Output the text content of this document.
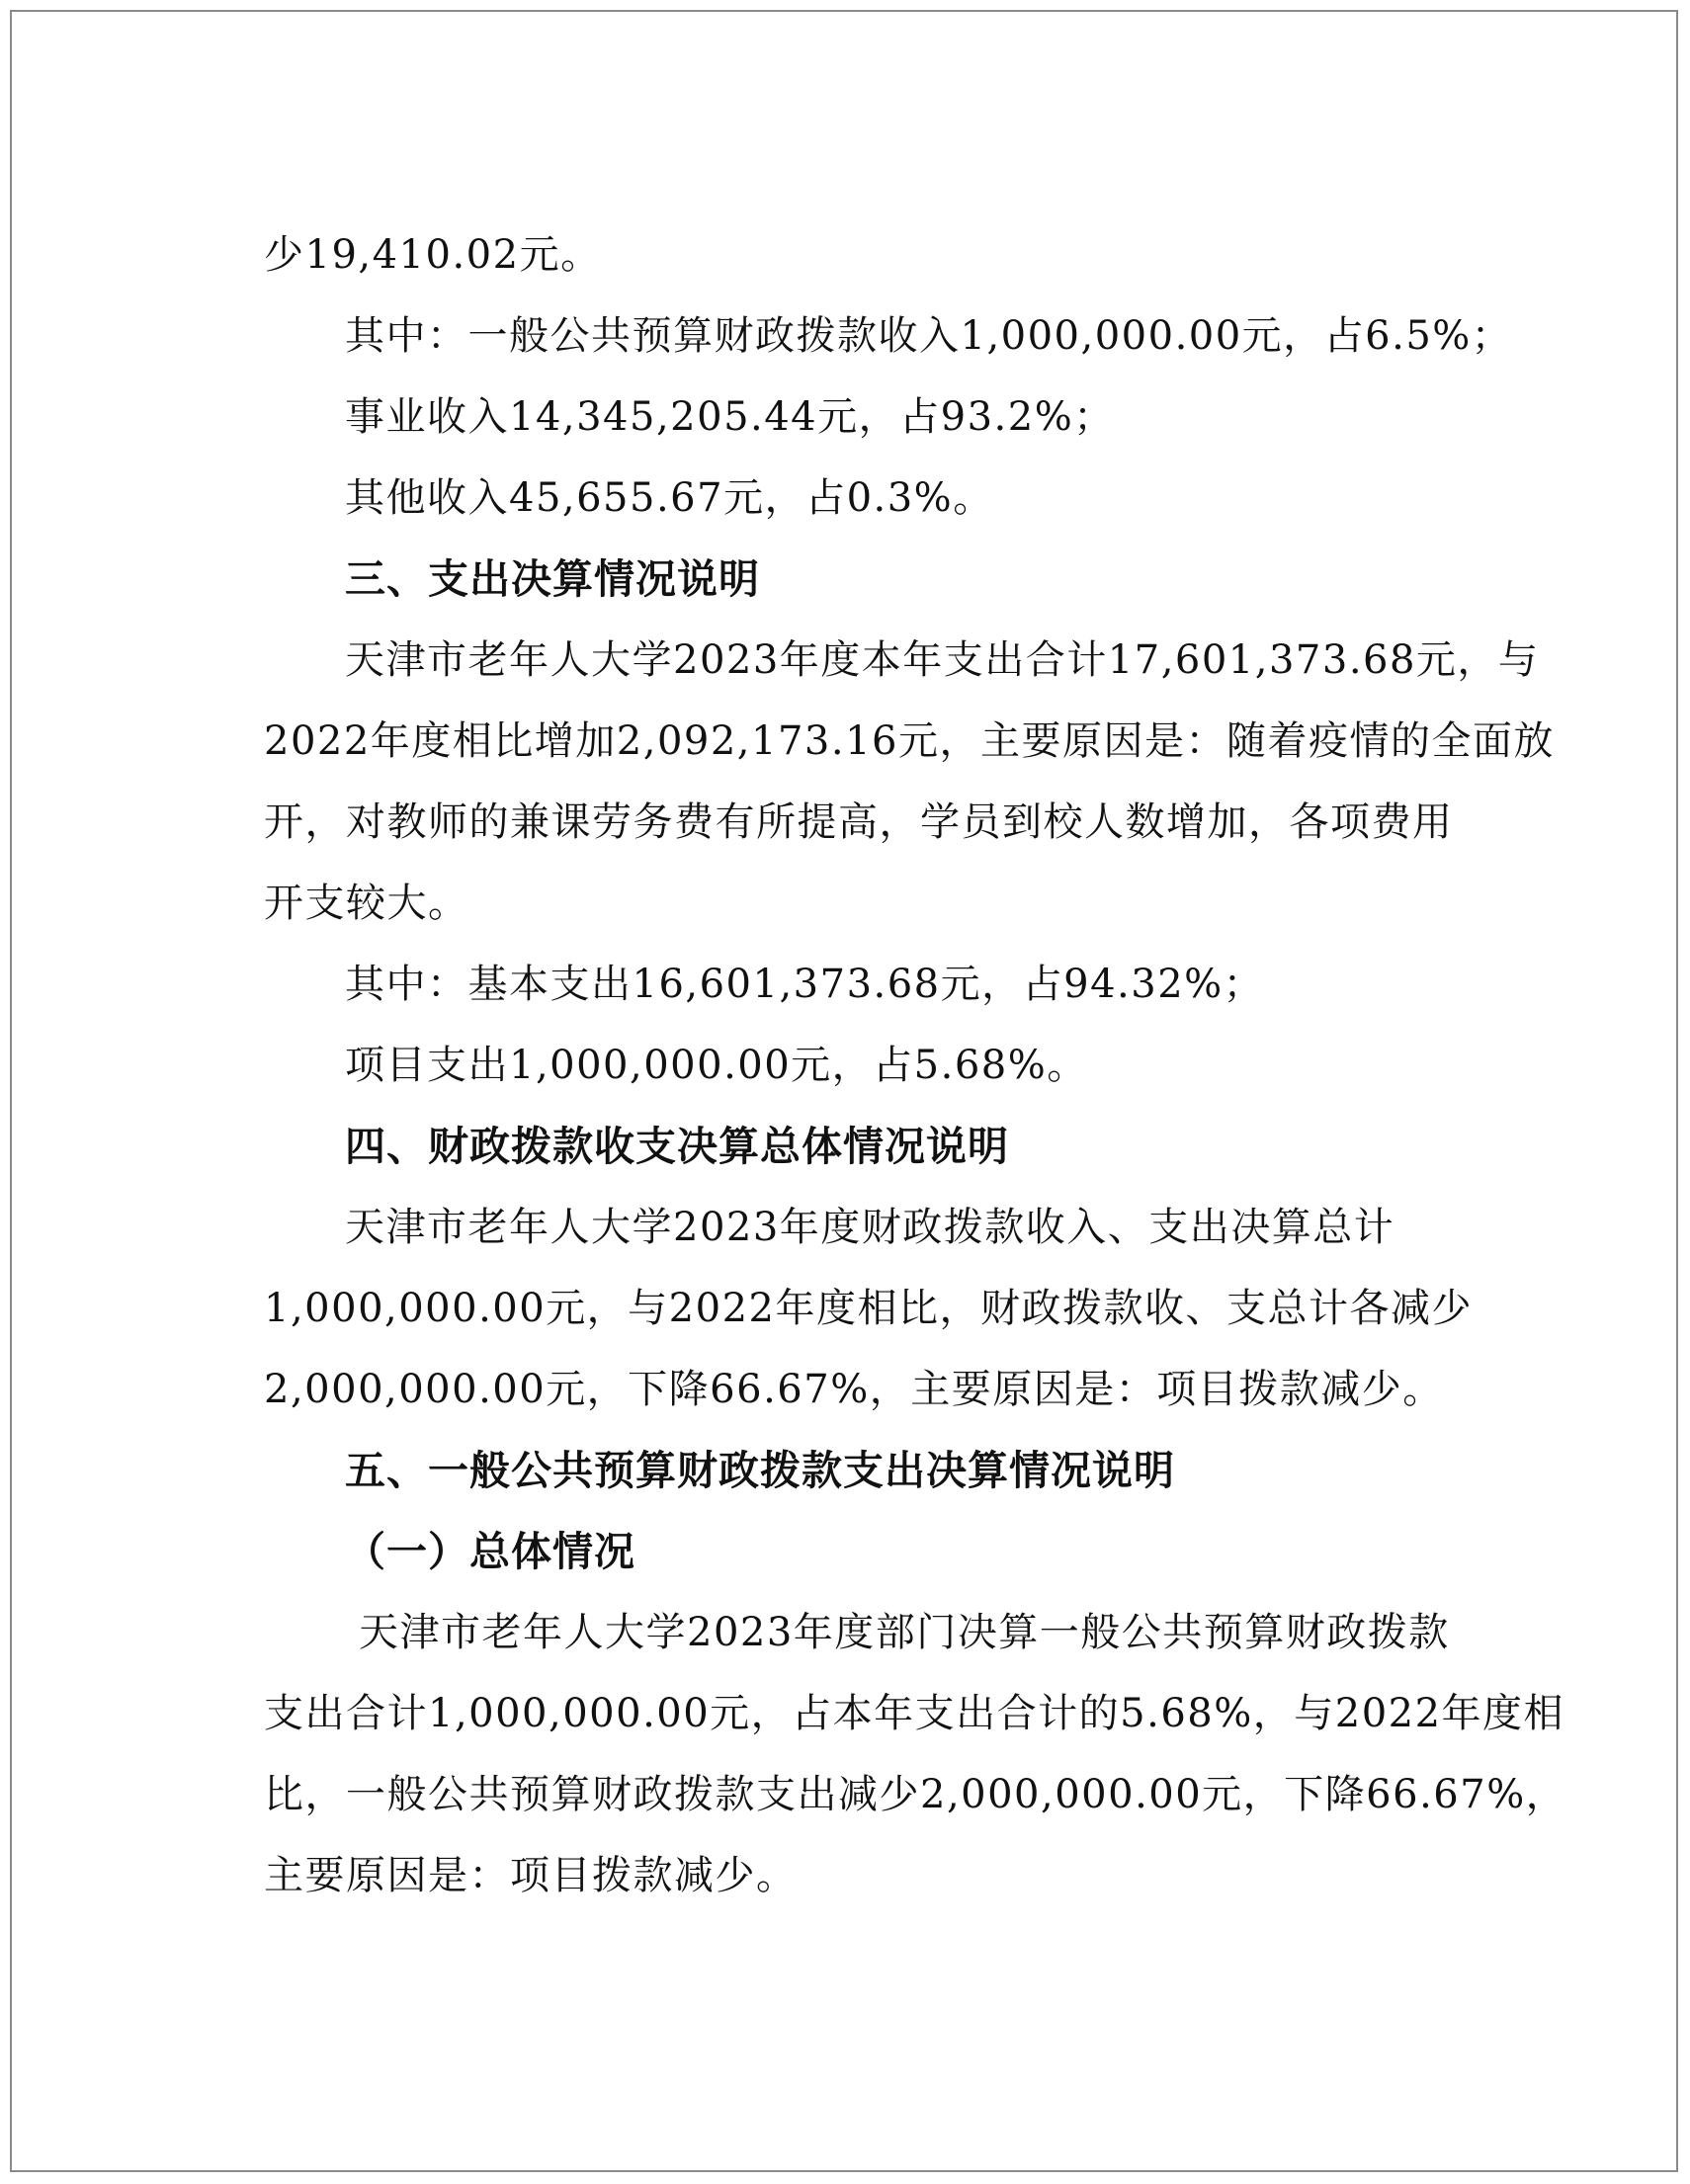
少19,410.02元。
其中：一般公共预算财政拨款收入1,000,000.00元，占6.5%；
事业收入14,345,205.44元，占93.2%；
其他收入45,655.67元，占0.3%。
三、支出决算情况说明
天津市老年人大学2023年度本年支出合计17,601,373.68元，与
2022年度相比增加2,092,173.16元，主要原因是：随着疫情的全面放
开，对教师的兼课劳务费有所提高，学员到校人数增加，各项费用
开支较大。
其中：基本支出16,601,373.68元，占94.32%；
项目支出1,000,000.00元，占5.68%。
四、财政拨款收支决算总体情况说明
天津市老年人大学2023年度财政拨款收入、支出决算总计
1,000,000.00元，与2022年度相比，财政拨款收、支总计各减少
2,000,000.00元，下降66.67%，主要原因是：项目拨款减少。
五、一般公共预算财政拨款支出决算情况说明
（一）总体情况
天津市老年人大学2023年度部门决算一般公共预算财政拨款
支出合计1,000,000.00元，占本年支出合计的5.68%，与2022年度相
比，一般公共预算财政拨款支出减少2,000,000.00元，下降66.67%，
主要原因是：项目拨款减少。
